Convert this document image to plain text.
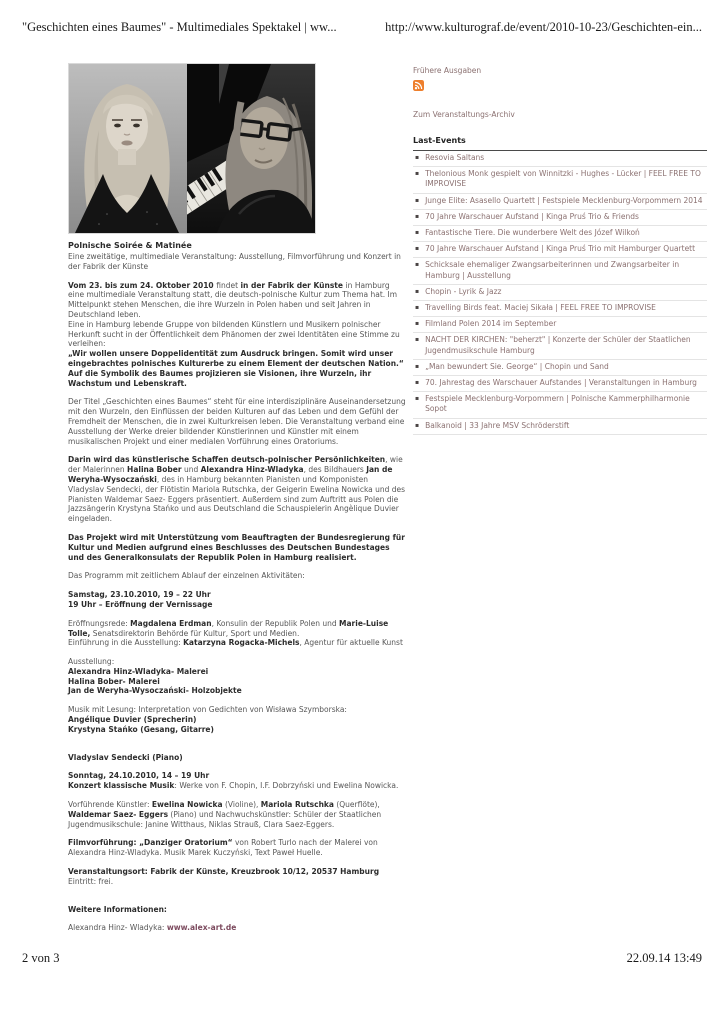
"Geschichten eines Baumes" - Multimediales Spektakel | ww...	http://www.kulturograf.de/event/2010-10-23/Geschichten-ein...
Polnische Soirée & Matinée

Eine zweitätige, multimediale Veranstaltung: Ausstellung, Filmvorführung und Konzert in der Fabrik der Künste

Vom 23. bis zum 24. Oktober 2010 findet in der Fabrik der Künste in Hamburg eine multimediale Veranstaltung statt, die deutsch-polnische Kultur zum Thema hat. Im Mittelpunkt stehen Menschen, die ihre Wurzeln in Polen haben und seit Jahren in Deutschland leben.
Eine in Hamburg lebende Gruppe von bildenden Künstlern und Musikern polnischer Herkunft sucht in der Öffentlichkeit dem Phänomen der zwei Identitäten eine Stimme zu verleihen:
„Wir wollen unsere Doppelidentität zum Ausdruck bringen. Somit wird unser eingebrachtes polnisches Kulturerbe zu einem Element der deutschen Nation.“ Auf die Symbolik des Baumes projizieren sie Visionen, ihre Wurzeln, ihr Wachstum und Lebenskraft.
Der Titel „Geschichten eines Baumes“ steht für eine interdisziplinäre Auseinandersetzung mit den Wurzeln, den Einflüssen der beiden Kulturen auf das Leben und dem Gefühl der Fremdheit der Menschen, die in zwei Kulturkreisen leben. Die Veranstaltung verband eine Ausstellung der Werke dreier bildender Künstlerinnen und Künstler mit einem musikalischen Projekt und einer medialen Vorführung eines Oratoriums.
Darin wird das künstlerische Schaffen deutsch-polnischer Persönlichkeiten, wie der Malerinnen Halina Bober und Alexandra Hinz-Wladyka, des Bildhauers Jan de Weryha-Wysoczański, des in Hamburg bekannten Pianisten und Komponisten Vladyslav Sendecki, der Flötistin Mariola Rutschka, der Geigerin Ewelina Nowicka und des Pianisten Waldemar Saez- Eggers präsentiert. Außerdem sind zum Auftritt aus Polen die Jazzsängerin Krystyna Stańko und aus Deutschland die Schauspielerin Angèlique Duvier eingeladen.
Das Projekt wird mit Unterstützung vom Beauftragten der Bundesregierung für Kultur und Medien aufgrund eines Beschlusses des Deutschen Bundestages und des Generalkonsulats der Republik Polen in Hamburg realisiert.
Das Programm mit zeitlichem Ablauf der einzelnen Aktivitäten:
Samstag, 23.10.2010, 19 – 22 Uhr
19 Uhr – Eröffnung der Vernissage
Eröffnungsrede: Magdalena Erdman, Konsulin der Republik Polen und Marie-Luise Tolle, Senatsdirektorin Behörde für Kultur, Sport und Medien.
Einführung in die Ausstellung: Katarzyna Rogacka-Michels, Agentur für aktuelle Kunst
Ausstellung:
Alexandra Hinz-Wladyka- Malerei
Halina Bober- Malerei
Jan de Weryha-Wysoczański- Holzobjekte
Musik mit Lesung: Interpretation von Gedichten von Wisława Szymborska:
Angélique Duvier (Sprecherin)
Krystyna Stańko (Gesang, Gitarre)
Vladyslav Sendecki (Piano)
Sonntag, 24.10.2010, 14 – 19 Uhr
Konzert klassische Musik: Werke von F. Chopin, I.F. Dobrzyński und Ewelina Nowicka.
Vorführende Künstler: Ewelina Nowicka (Violine), Mariola Rutschka (Querflöte), Waldemar Saez- Eggers (Piano) und Nachwuchskünstler: Schüler der Staatlichen Jugendmusikschule: Janine Witthaus, Niklas Strauß, Clara Saez-Eggers.
Filmvorführung: „Danziger Oratorium“ von Robert Turlo nach der Malerei von Alexandra Hinz-Wladyka. Musik Marek Kuczyński, Text Paweł Huelle.
Veranstaltungsort: Fabrik der Künste, Kreuzbrook 10/12, 20537 Hamburg
Eintritt: frei.
Weitere Informationen:
Alexandra Hinz- Wladyka: www.alex-art.de
Frühere Ausgaben
Zum Veranstaltungs-Archiv
Last-Events
▪ Resovia Saltans
▪ Thelonious Monk gespielt von Winnitzki - Hughes - Lücker | FEEL FREE TO IMPROVISE
▪ Junge Elite: Asasello Quartett | Festspiele Mecklenburg-Vorpommern 2014
▪ 70 Jahre Warschauer Aufstand | Kinga Pruś Trio & Friends
▪ Fantastische Tiere. Die wunderbere Welt des Józef Wilkoń
▪ 70 Jahre Warschauer Aufstand | Kinga Pruś Trio mit Hamburger Quartett
▪ Schicksale ehemaliger Zwangsarbeiterinnen und Zwangsarbeiter in Hamburg | Ausstellung
▪ Chopin - Lyrik & Jazz
▪ Travelling Birds feat. Maciej Sikała | FEEL FREE TO IMPROVISE
▪ Filmland Polen 2014 im September
▪ NACHT DER KIRCHEN: "beherzt" | Konzerte der Schüler der Staatlichen Jugendmusikschule Hamburg
▪ „Man bewundert Sie. George“ | Chopin und Sand
▪ 70. Jahrestag des Warschauer Aufstandes | Veranstaltungen in Hamburg
▪ Festspiele Mecklenburg-Vorpommern | Polnische Kammerphilharmonie Sopot
▪ Balkanoid | 33 Jahre MSV Schröderstift
2 von 3	22.09.14 13:49
